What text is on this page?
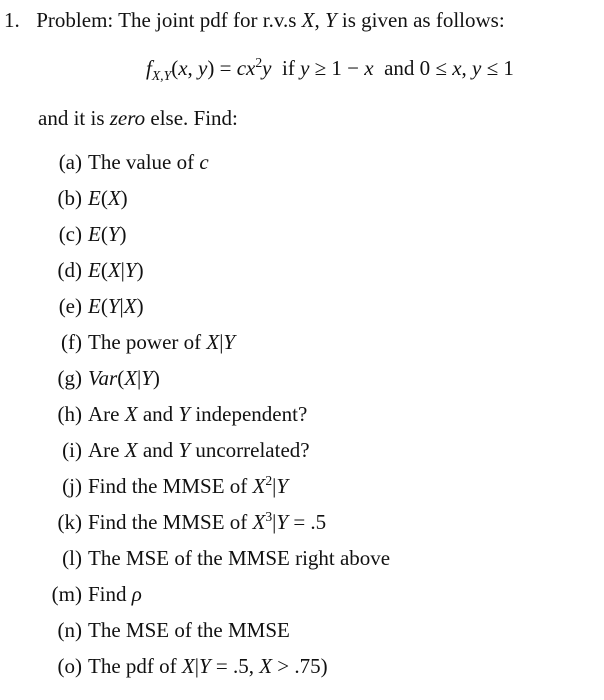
1. Problem: The joint pdf for r.v.s X, Y is given as follows:
$f_{X,Y}(x$, $y) = cx^2y$  if y ≥ 1 − x  and 0 ≤ x, y ≤ 1
and it is zero else. Find:
(a) The value of c
(b) E(X)
(c) E(Y)
(d) E(X|Y)
(e) E(Y|X)
(f) The power of X|Y
(g) Var(X|Y)
(h) Are X and Y independent?
(i) Are X and Y uncorrelated?
(j) Find the MMSE of $X^2|Y$
(k) Find the MMSE of $X^3|Y = .5$
(l) The MSE of the MMSE right above
(m) Find ρ
(n) The MSE of the MMSE
(o) The pdf of X|Y = .5, X > .75)
